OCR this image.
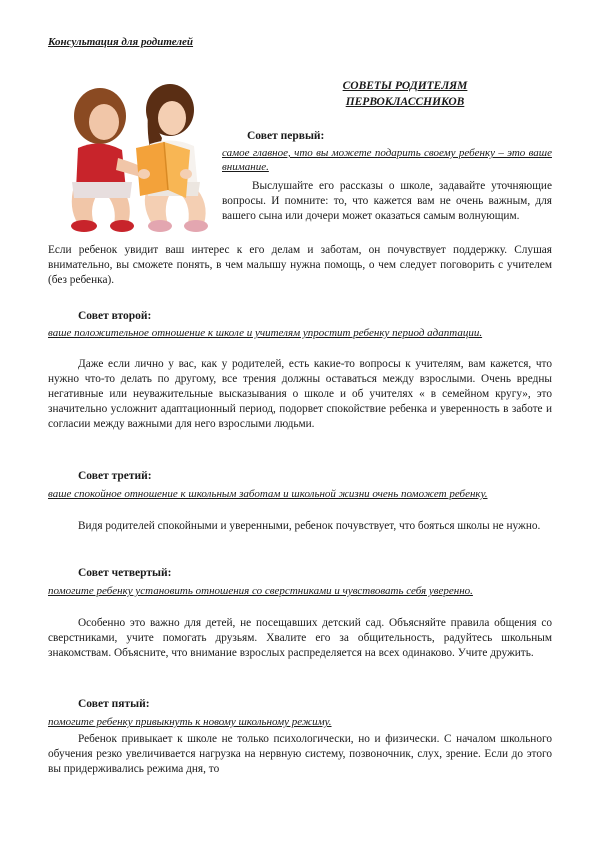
Консультация для родителей
СОВЕТЫ РОДИТЕЛЯМ ПЕРВОКЛАССНИКОВ
Совет первый:
самое главное, что вы можете подарить своему ребенку – это ваше внимание.

Выслушайте его рассказы о школе, задавайте уточняющие вопросы. И помните: то, что кажется вам не очень важным, для вашего сына или дочери может оказаться самым волнующим.

Если ребенок увидит ваш интерес к его делам и заботам, он почувствует поддержку. Слушая внимательно, вы сможете понять, в чем малышу нужна помощь, о чем следует поговорить с учителем (без ребенка).

Совет второй:
ваше положительное отношение к школе и учителям упростит ребенку период адаптации.

Даже если лично у вас, как у родителей, есть какие-то вопросы к учителям, вам кажется, что нужно что-то делать по другому, все трения должны оставаться между взрослыми. Очень вредны негативные или неуважительные высказывания о школе и об учителях « в семейном кругу», это значительно усложнит адаптационный период, подорвет спокойствие ребенка и уверенность в заботе и согласии между важными для него взрослыми людьми.

Совет третий:
ваше спокойное отношение к школьным заботам и школьной жизни очень поможет ребенку.

Видя родителей спокойными и уверенными, ребенок почувствует, что бояться школы не нужно.

Совет четвертый:
помогите ребенку установить отношения со сверстниками и чувствовать себя уверенно.

Особенно это важно для детей, не посещавших детский сад. Объясняйте правила общения со сверстниками, учите помогать друзьям. Хвалите его за общительность, радуйтесь школьным знакомствам. Объясните, что внимание взрослых распределяется на всех одинаково. Учите дружить.

Совет пятый:
помогите ребенку привыкнуть к новому школьному режиму.

Ребенок привыкает к школе не только психологически, но и физически. С началом школьного обучения резко увеличивается нагрузка на нервную систему, позвоночник, слух, зрение. Если до этого вы придерживались режима дня, то
